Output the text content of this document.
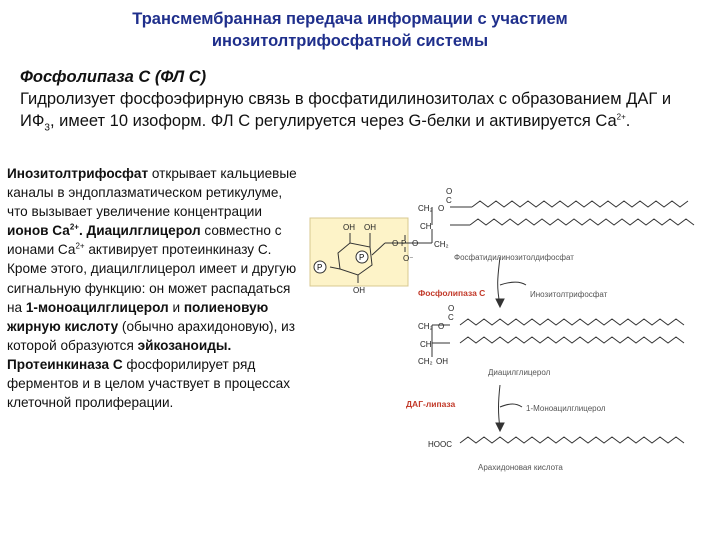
Трансмембранная передача информации с участием
инозитолтрифосфатной системы
Фосфолипаза С (ФЛ С)
Гидролизует фосфоэфирную связь в фосфатидилинозитолах с образованием ДАГ и $ИФ_3$, имеет 10 изоформ. ФЛ С регулируется через G-белки и активируется $Са^{2+}$.
Инозитолтрифосфат открывает кальциевые каналы в эндоплазматическом ретикулуме, что вызывает увеличение концентрации ионов $Са^{2+}$. Диацилглицерол совместно с ионами $Са^{2+}$ активирует протеинкиназу С. Кроме этого, диацилглицерол имеет и другую сигнальную функцию: он может распадаться на 1-моноацилглицерол и полиеновую жирную кислоту (обычно арахидоновую), из которой образуются эйкозаноиды. Протеинкиназа С фосфорилирует ряд ферментов и в целом участвует в процессах клеточной пролиферации.
OH OH
OH
O P O
O⁻
P
P
CH₂ O
C
O
CH
CH₂
Фосфатидилинозитолдифосфат
Фосфолипаза С	Инозитолтрифосфат
CH₂ O
C
O
CH
CH₂ OH
Диацилглицерол
ДАГ-липаза	1-Моноацилглицерол
HOOC
Арахидоновая кислота
